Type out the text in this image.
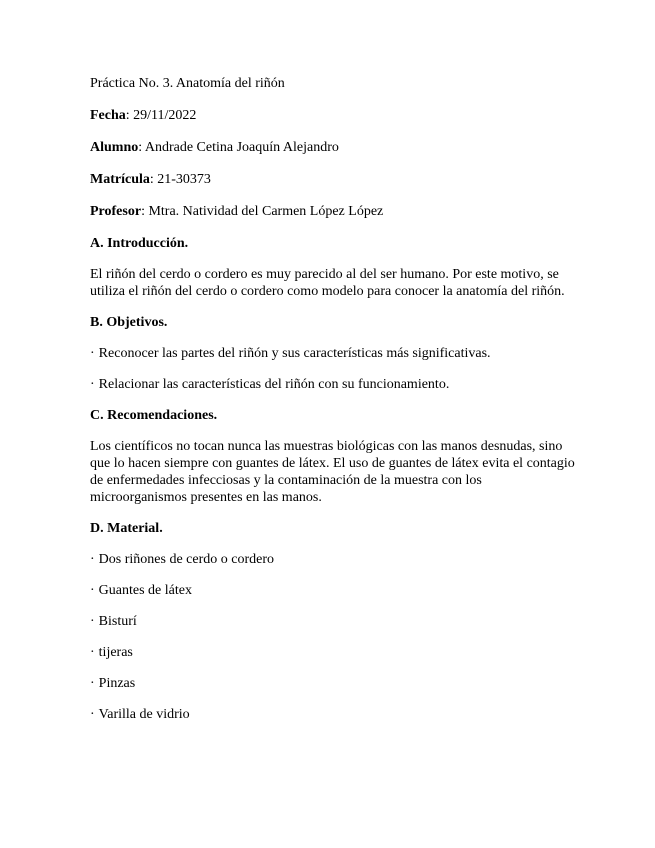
Práctica No. 3. Anatomía del riñón

Fecha: 29/11/2022

Alumno: Andrade Cetina Joaquín Alejandro

Matrícula: 21-30373

Profesor: Mtra. Natividad del Carmen López López

A. Introducción.

El riñón del cerdo o cordero es muy parecido al del ser humano. Por este motivo, se utiliza el riñón del cerdo o cordero como modelo para conocer la anatomía del riñón.

B. Objetivos.

· Reconocer las partes del riñón y sus características más significativas.

· Relacionar las características del riñón con su funcionamiento.

C. Recomendaciones.

Los científicos no tocan nunca las muestras biológicas con las manos desnudas, sino que lo hacen siempre con guantes de látex. El uso de guantes de látex evita el contagio de enfermedades infecciosas y la contaminación de la muestra con los microorganismos presentes en las manos.

D. Material.

· Dos riñones de cerdo o cordero

· Guantes de látex

· Bisturí

· tijeras

· Pinzas

· Varilla de vidrio
